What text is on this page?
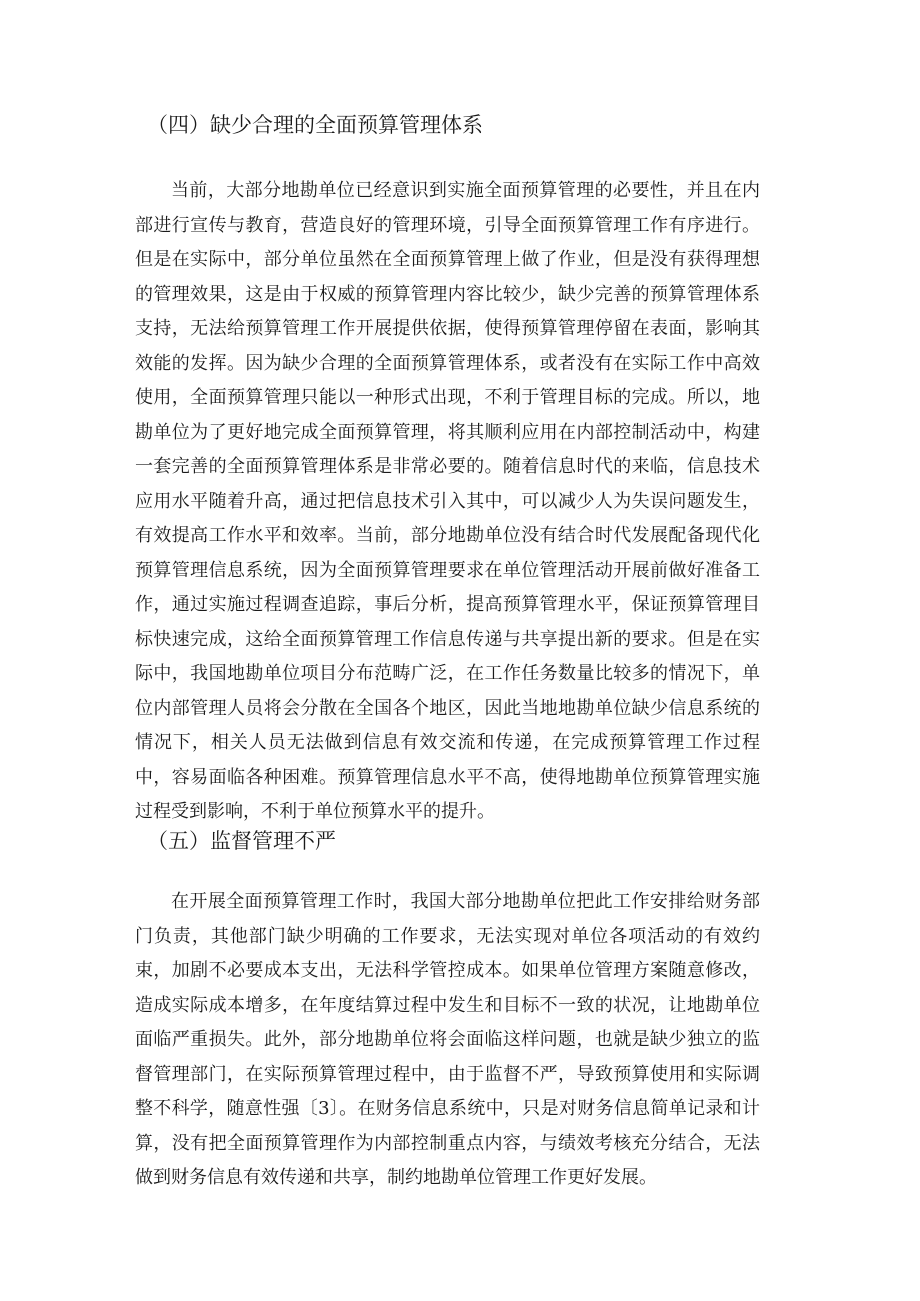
（四）缺少合理的全面预算管理体系

当前，大部分地勘单位已经意识到实施全面预算管理的必要性，并且在内部进行宣传与教育，营造良好的管理环境，引导全面预算管理工作有序进行。但是在实际中，部分单位虽然在全面预算管理上做了作业，但是没有获得理想的管理效果，这是由于权威的预算管理内容比较少，缺少完善的预算管理体系支持，无法给预算管理工作开展提供依据，使得预算管理停留在表面，影响其效能的发挥。因为缺少合理的全面预算管理体系，或者没有在实际工作中高效使用，全面预算管理只能以一种形式出现，不利于管理目标的完成。所以，地勘单位为了更好地完成全面预算管理，将其顺利应用在内部控制活动中，构建一套完善的全面预算管理体系是非常必要的。随着信息时代的来临，信息技术应用水平随着升高，通过把信息技术引入其中，可以减少人为失误问题发生，有效提高工作水平和效率。当前，部分地勘单位没有结合时代发展配备现代化预算管理信息系统，因为全面预算管理要求在单位管理活动开展前做好准备工作，通过实施过程调查追踪，事后分析，提高预算管理水平，保证预算管理目标快速完成，这给全面预算管理工作信息传递与共享提出新的要求。但是在实际中，我国地勘单位项目分布范畴广泛，在工作任务数量比较多的情况下，单位内部管理人员将会分散在全国各个地区，因此当地地勘单位缺少信息系统的情况下，相关人员无法做到信息有效交流和传递，在完成预算管理工作过程中，容易面临各种困难。预算管理信息水平不高，使得地勘单位预算管理实施过程受到影响，不利于单位预算水平的提升。

（五）监督管理不严

在开展全面预算管理工作时，我国大部分地勘单位把此工作安排给财务部门负责，其他部门缺少明确的工作要求，无法实现对单位各项活动的有效约束，加剧不必要成本支出，无法科学管控成本。如果单位管理方案随意修改，造成实际成本增多，在年度结算过程中发生和目标不一致的状况，让地勘单位面临严重损失。此外，部分地勘单位将会面临这样问题，也就是缺少独立的监督管理部门，在实际预算管理过程中，由于监督不严，导致预算使用和实际调整不科学，随意性强〔3〕。在财务信息系统中，只是对财务信息简单记录和计算，没有把全面预算管理作为内部控制重点内容，与绩效考核充分结合，无法做到财务信息有效传递和共享，制约地勘单位管理工作更好发展。
